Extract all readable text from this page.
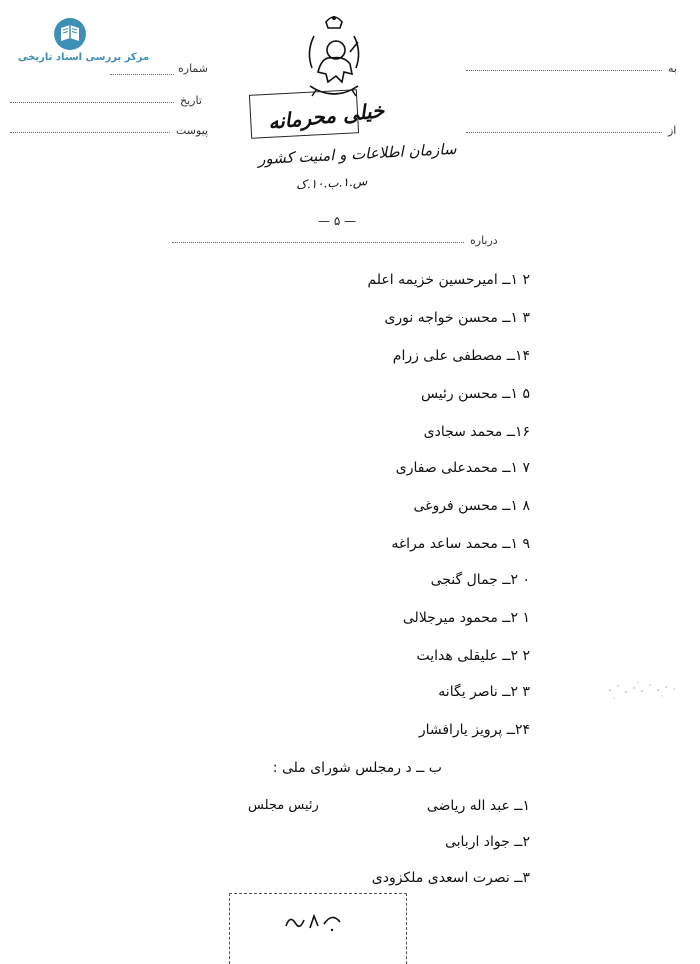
مرکز بررسی اسناد تاریخی
شماره
تاریخ
پیوست
به
از
خیلی محرمانه
سازمان اطلاعات و امنیت کشور
س.۱.ب.۱۰.ک
— ۵ —
درباره
۲ ۱ــ امیرحسین خزیمه اعلم
۳ ۱ــ محسن خواجه نوری
۱۴ــ مصطفی علی زرام
۵ ۱ــ محسن رئیس
۱۶ــ محمد سجادی
۷ ۱ــ محمدعلی صفاری
۸ ۱ــ محسن فروغی
۹ ۱ــ محمد ساعد مراغه
۰ ۲ــ جمال گنجی
۱ ۲ــ محمود میرجلالی
۲ ۲ــ علیقلی هدایت
۳ ۲ــ ناصر یگانه
۲۴ــ پرویز یارافشار
ب ــ د رمجلس شورای ملی :
۱ــ عبد اله ریاضی
رئیس مجلس
۲ــ جواد اربابی
۳ــ نصرت اسعدی ملکزودی
